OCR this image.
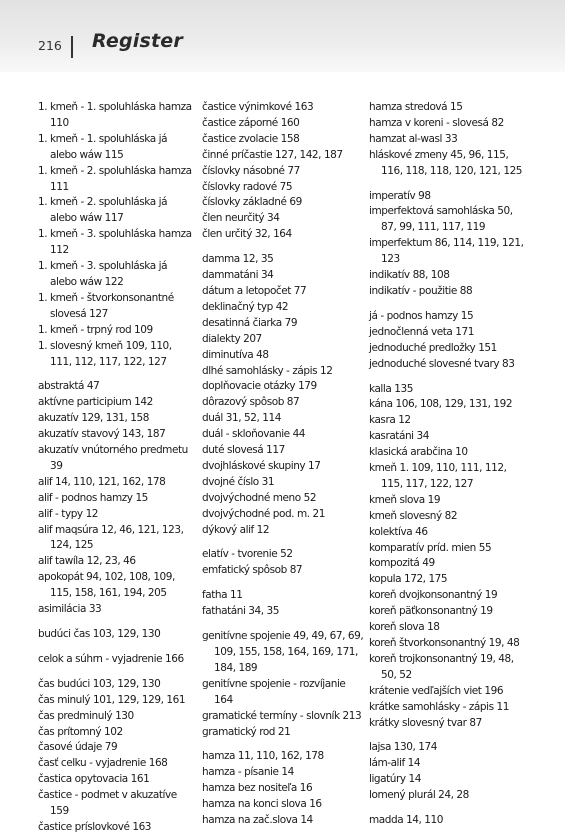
216 Register
1. kmeň - 1. spoluhláska hamza 110
1. kmeň - 1. spoluhláska já alebo wáw 115
1. kmeň - 2. spoluhláska hamza 111
1. kmeň - 2. spoluhláska já alebo wáw 117
1. kmeň - 3. spoluhláska hamza 112
1. kmeň - 3. spoluhláska já alebo wáw 122
1. kmeň - štvorkonsonantné slovesá 127
1. kmeň - trpný rod 109
1. slovesný kmeň 109, 110, 111, 112, 117, 122, 127
abstraktá 47
aktívne participium 142
akuzatív 129, 131, 158
akuzatív stavový 143, 187
akuzatív vnútorného predmetu 39
alif 14, 110, 121, 162, 178
alif - podnos hamzy 15
alif - typy 12
alif maqsúra 12, 46, 121, 123, 124, 125
alif tawíla 12, 23, 46
apokopát 94, 102, 108, 109, 115, 158, 161, 194, 205
asimilácia 33
budúci čas 103, 129, 130
celok a súhrn - vyjadrenie 166
čas budúci 103, 129, 130
čas minulý 101, 129, 129, 161
čas predminulý 130
čas prítomný 102
časové údaje 79
časť celku - vyjadrenie 168
častica opytovacia 161
častice - podmet v akuzatíve 159
častice príslovkové 163
častice výnimkové 163
častice záporné 160
častice zvolacie 158
činné príčastie 127, 142, 187
číslovky násobné 77
číslovky radové 75
číslovky základné 69
člen neurčitý 34
člen určitý 32, 164
damma 12, 35
dammatáni 34
dátum a letopočet 77
deklinačný typ 42
desatinná čiarka 79
dialekty 207
diminutíva 48
dlhé samohlásky - zápis 12
doplňovacie otázky 179
dôrazový spôsob 87
duál 31, 52, 114
duál - skloňovanie 44
duté slovesá 117
dvojhláskové skupiny 17
dvojné číslo 31
dvojvýchodné meno 52
dvojvýchodné pod. m. 21
dýkový alif 12
elatív - tvorenie 52
emfatický spôsob 87
fatha 11
fathatáni 34, 35
genitívne spojenie 49, 49, 67, 69, 109, 155, 158, 164, 169, 171, 184, 189
genitívne spojenie - rozvíjanie 164
gramatické termíny - slovník 213
gramatický rod 21
hamza 11, 110, 162, 178
hamza - písanie 14
hamza bez nositeľa 16
hamza na konci slova 16
hamza na zač.slova 14
hamza stredová 15
hamza v koreni - slovesá 82
hamzat al-wasl 33
hláskové zmeny 45, 96, 115, 116, 118, 118, 120, 121, 125
imperatív 98
imperfektová samohláska 50, 87, 99, 111, 117, 119
imperfektum 86, 114, 119, 121, 123
indikatív 88, 108
indikatív - použitie 88
já - podnos hamzy 15
jednočlenná veta 171
jednoduché predložky 151
jednoduché slovesné tvary 83
kalla 135
kána 106, 108, 129, 131, 192
kasra 12
kasratáni 34
klasická arabčina 10
kmeň 1. 109, 110, 111, 112, 115, 117, 122, 127
kmeň slova 19
kmeň slovesný 82
kolektíva 46
komparatív príd. mien 55
kompozitá 49
kopula 172, 175
koreň dvojkonsonantný 19
koreň päťkonsonantný 19
koreň slova 18
koreň štvorkonsonantný 19, 48
koreň trojkonsonantný 19, 48, 50, 52
krátenie vedľajších viet 196
krátke samohlásky - zápis 11
krátky slovesný tvar 87
lajsa 130, 174
lám-alif 14
ligatúry 14
lomený plurál 24, 28
madda 14, 110
